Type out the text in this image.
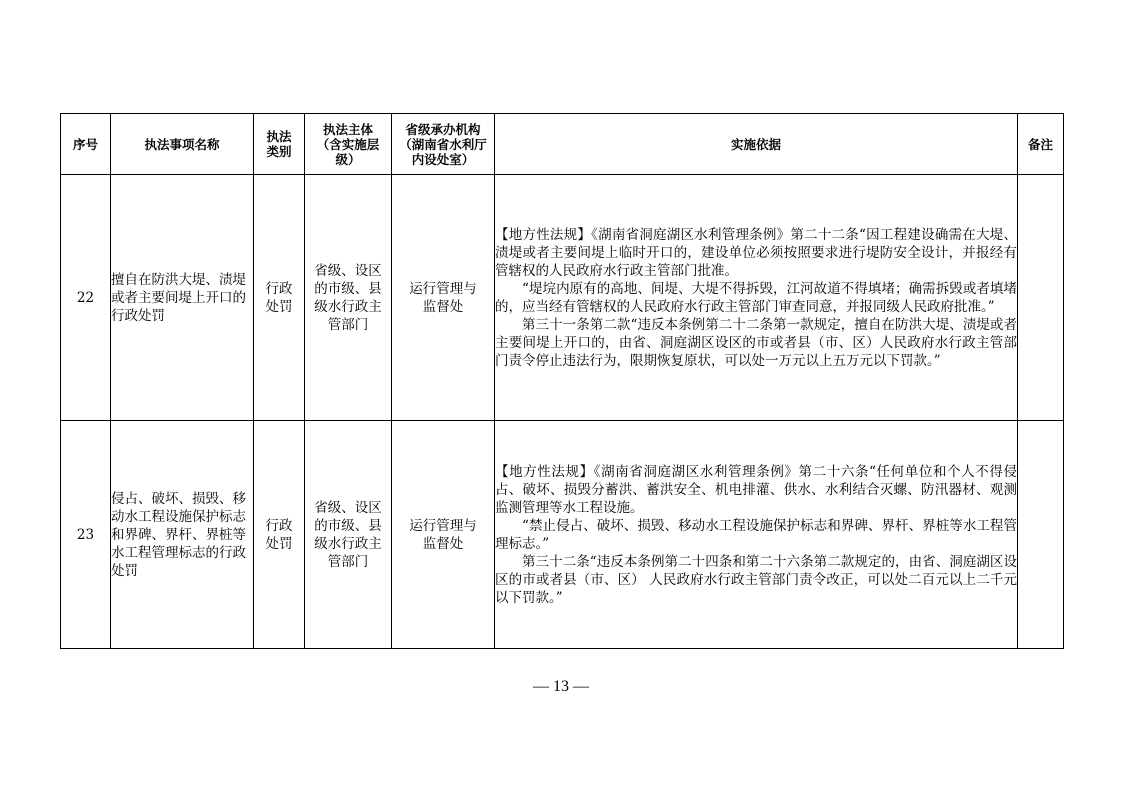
序号	执法事项名称	执法类别	执法主体（含实施层级）	省级承办机构（湖南省水利厅内设处室）	实施依据	备注
22	擅自在防洪大堤、渍堤或者主要间堤上开口的行政处罚	行政处罚	省级、设区的市级、县级水行政主管部门	运行管理与监督处	【地方性法规】《湖南省洞庭湖区水利管理条例》第二十二条“因工程建设确需在大堤、渍堤或者主要间堤上临时开口的，建设单位必须按照要求进行堤防安全设计，并报经有管辖权的人民政府水行政主管部门批准。

“堤垸内原有的高地、间堤、大堤不得拆毁，江河故道不得填堵；确需拆毁或者填堵的，应当经有管辖权的人民政府水行政主管部门审查同意，并报同级人民政府批准。”

第三十一条第二款“违反本条例第二十二条第一款规定，擅自在防洪大堤、渍堤或者主要间堤上开口的，由省、洞庭湖区设区的市或者县（市、区）人民政府水行政主管部门责令停止违法行为，限期恢复原状，可以处一万元以上五万元以下罚款。”	

23	侵占、破坏、损毁、移动水工程设施保护标志和界碑、界杆、界桩等水工程管理标志的行政处罚	行政处罚	省级、设区的市级、县级水行政主管部门	运行管理与监督处	【地方性法规】《湖南省洞庭湖区水利管理条例》第二十六条“任何单位和个人不得侵占、破坏、损毁分蓄洪、蓄洪安全、机电排灌、供水、水利结合灭螺、防汛器材、观测监测管理等水工程设施。

“禁止侵占、破坏、损毁、移动水工程设施保护标志和界碑、界杆、界桩等水工程管理标志。”

第三十二条“违反本条例第二十四条和第二十六条第二款规定的，由省、洞庭湖区设区的市或者县（市、区） 人民政府水行政主管部门责令改正，可以处二百元以上二千元以下罚款。”	

— 13 —
